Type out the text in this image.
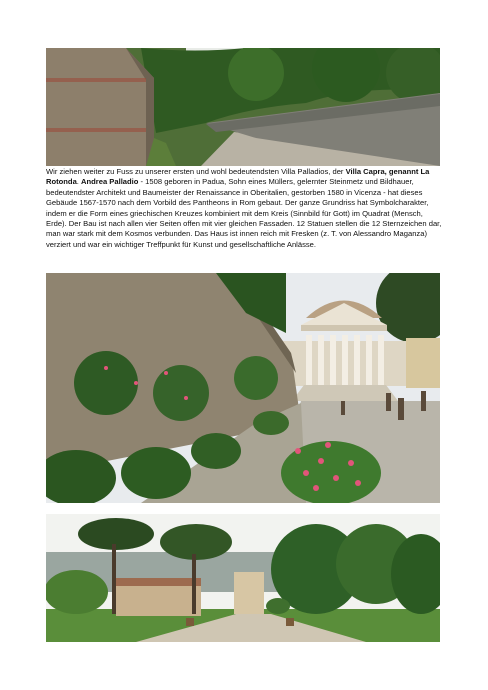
Wir ziehen weiter zu Fuss zu unserer ersten und wohl bedeutendsten Villa Palladios, der Villa Capra, genannt La Rotonda. Andrea Palladio - 1508 geboren in Padua, Sohn eines Müllers, gelernter Steinmetz und Bildhauer, bedeutendster Architekt und Baumeister der Renaissance in Oberitalien, gestorben 1580 in Vicenza - hat dieses Gebäude 1567-1570 nach dem Vorbild des Pantheons in Rom gebaut. Der ganze Grundriss hat Symbolcharakter, indem er die Form eines griechischen Kreuzes kombiniert mit dem Kreis (Sinnbild für Gott) im Quadrat (Mensch, Erde). Der Bau ist nach allen vier Seiten offen mit vier gleichen Fassaden. 12 Statuen stellen die 12 Sternzeichen dar, man war stark mit dem Kosmos verbunden. Das Haus ist innen reich mit Fresken (z. T. von Alessandro Maganza) verziert und war ein wichtiger Treffpunkt für Kunst und gesellschaftliche Anlässe.
